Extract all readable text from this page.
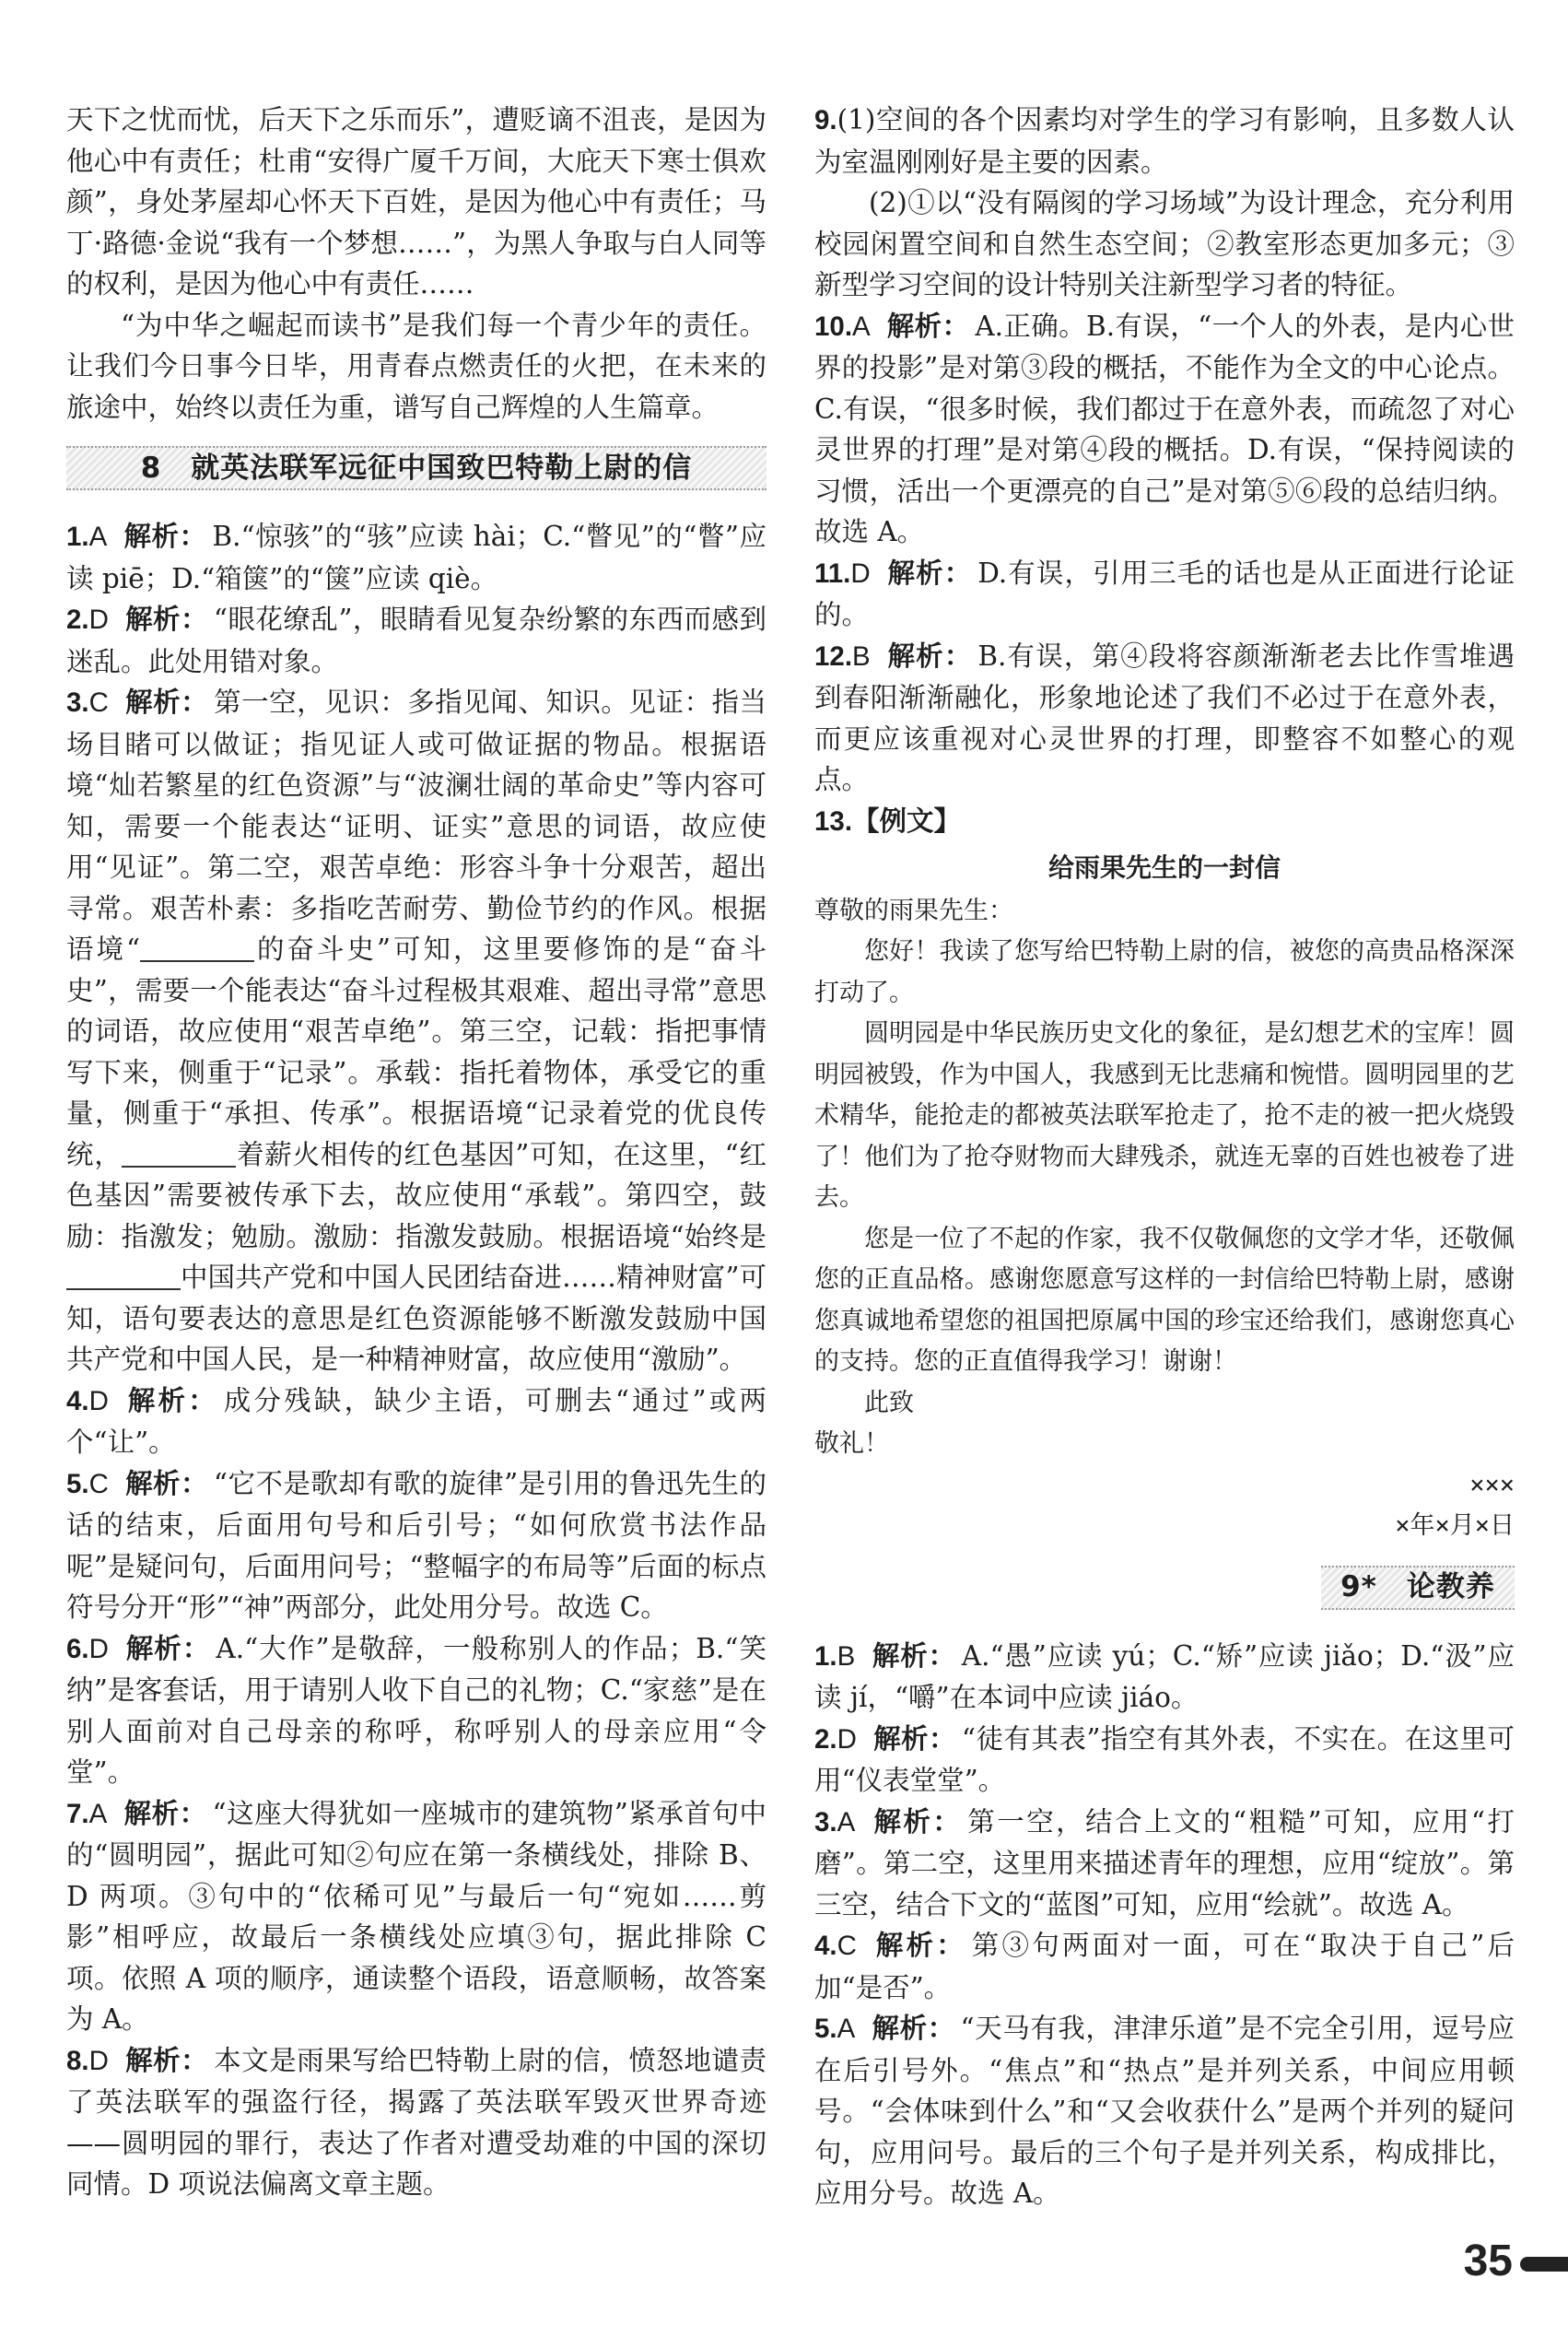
天下之忧而忧，后天下之乐而乐”，遭贬谪不沮丧，是因为他心中有责任；杜甫“安得广厦千万间，大庇天下寒士俱欢颜”，身处茅屋却心怀天下百姓，是因为他心中有责任；马丁·路德·金说“我有一个梦想……”，为黑人争取与白人同等的权利，是因为他心中有责任……

“为中华之崛起而读书”是我们每一个青少年的责任。让我们今日事今日毕，用青春点燃责任的火把，在未来的旅途中，始终以责任为重，谱写自己辉煌的人生篇章。

8　就英法联军远征中国致巴特勒上尉的信
1.A 解析： B.“惊骇”的“骇”应读 hài；C.“瞥见”的“瞥”应读 piē；D.“箱箧”的“箧”应读 qiè。
2.D 解析： “眼花缭乱”，眼睛看见复杂纷繁的东西而感到迷乱。此处用错对象。
3.C 解析： 第一空，见识：多指见闻、知识。见证：指当场目睹可以做证；指见证人或可做证据的物品。根据语境“灿若繁星的红色资源”与“波澜壮阔的革命史”等内容可知，需要一个能表达“证明、证实”意思的词语，故应使用“见证”。第二空，艰苦卓绝：形容斗争十分艰苦，超出寻常。艰苦朴素：多指吃苦耐劳、勤俭节约的作风。根据语境“	的奋斗史”可知，这里要修饰的是“奋斗史”，需要一个能表达“奋斗过程极其艰难、超出寻常”意思的词语，故应使用“艰苦卓绝”。第三空，记载：指把事情写下来，侧重于“记录”。承载：指托着物体，承受它的重量，侧重于“承担、传承”。根据语境“记录着党的优良传统，	着薪火相传的红色基因”可知，在这里，“红色基因”需要被传承下去，故应使用“承载”。第四空，鼓励：指激发；勉励。激励：指激发鼓励。根据语境“始终是中国共产党和中国人民团结奋进……精神财富”可知，语句要表达的意思是红色资源能够不断激发鼓励中国共产党和中国人民，是一种精神财富，故应使用“激励”。
4.D 解析： 成分残缺，缺少主语，可删去“通过”或两个“让”。
5.C 解析： “它不是歌却有歌的旋律”是引用的鲁迅先生的话的结束，后面用句号和后引号；“如何欣赏书法作品呢”是疑问句，后面用问号；“整幅字的布局等”后面的标点符号分开“形”“神”两部分，此处用分号。故选 C。
6.D 解析： A.“大作”是敬辞，一般称别人的作品；B.“笑纳”是客套话，用于请别人收下自己的礼物；C.“家慈”是在别人面前对自己母亲的称呼，称呼别人的母亲应用“令堂”。
7.A 解析： “这座大得犹如一座城市的建筑物”紧承首句中的“圆明园”，据此可知②句应在第一条横线处，排除 B、D 两项。③句中的“依稀可见”与最后一句“宛如……剪影”相呼应，故最后一条横线处应填③句，据此排除 C 项。依照 A 项的顺序，通读整个语段，语意顺畅，故答案为 A。
8.D 解析： 本文是雨果写给巴特勒上尉的信，愤怒地谴责了英法联军的强盗行径，揭露了英法联军毁灭世界奇迹——圆明园的罪行，表达了作者对遭受劫难的中国的深切同情。D 项说法偏离文章主题。
9.(1)空间的各个因素均对学生的学习有影响，且多数人认为室温刚刚好是主要的因素。

(2)①以“没有隔阂的学习场域”为设计理念，充分利用校园闲置空间和自然生态空间；②教室形态更加多元；③新型学习空间的设计特别关注新型学习者的特征。

10.A 解析： A.正确。B.有误，“一个人的外表，是内心世界的投影”是对第③段的概括，不能作为全文的中心论点。C.有误，“很多时候，我们都过于在意外表，而疏忽了对心灵世界的打理”是对第④段的概括。D.有误，“保持阅读的习惯，活出一个更漂亮的自己”是对第⑤⑥段的总结归纳。故选 A。
11.D 解析： D.有误，引用三毛的话也是从正面进行论证的。
12.B 解析： B.有误，第④段将容颜渐渐老去比作雪堆遇到春阳渐渐融化，形象地论述了我们不必过于在意外表，而更应该重视对心灵世界的打理，即整容不如整心的观点。
13.【例文】
给雨果先生的一封信
尊敬的雨果先生：
您好！我读了您写给巴特勒上尉的信，被您的高贵品格深深打动了。
圆明园是中华民族历史文化的象征，是幻想艺术的宝库！圆明园被毁，作为中国人，我感到无比悲痛和惋惜。圆明园里的艺术精华，能抢走的都被英法联军抢走了，抢不走的被一把火烧毁了！他们为了抢夺财物而大肆残杀，就连无辜的百姓也被卷了进去。
您是一位了不起的作家，我不仅敬佩您的文学才华，还敬佩您的正直品格。感谢您愿意写这样的一封信给巴特勒上尉，感谢您真诚地希望您的祖国把原属中国的珍宝还给我们，感谢您真心的支持。您的正直值得我学习！谢谢！
此致
敬礼！
×××
×年×月×日
9*　论教养
1.B 解析： A.“愚”应读 yú；C.“矫”应读 jiǎo；D.“汲”应读 jí，“嚼”在本词中应读 jiáo。
2.D 解析： “徒有其表”指空有其外表，不实在。在这里可用“仪表堂堂”。
3.A 解析： 第一空，结合上文的“粗糙”可知，应用“打磨”。第二空，这里用来描述青年的理想，应用“绽放”。第三空，结合下文的“蓝图”可知，应用“绘就”。故选 A。
4.C 解析： 第③句两面对一面，可在“取决于自己”后加“是否”。
5.A 解析： “天马有我，津津乐道”是不完全引用，逗号应在后引号外。“焦点”和“热点”是并列关系，中间应用顿号。“会体味到什么”和“又会收获什么”是两个并列的疑问句，应用问号。最后的三个句子是并列关系，构成排比，应用分号。故选 A。
35
